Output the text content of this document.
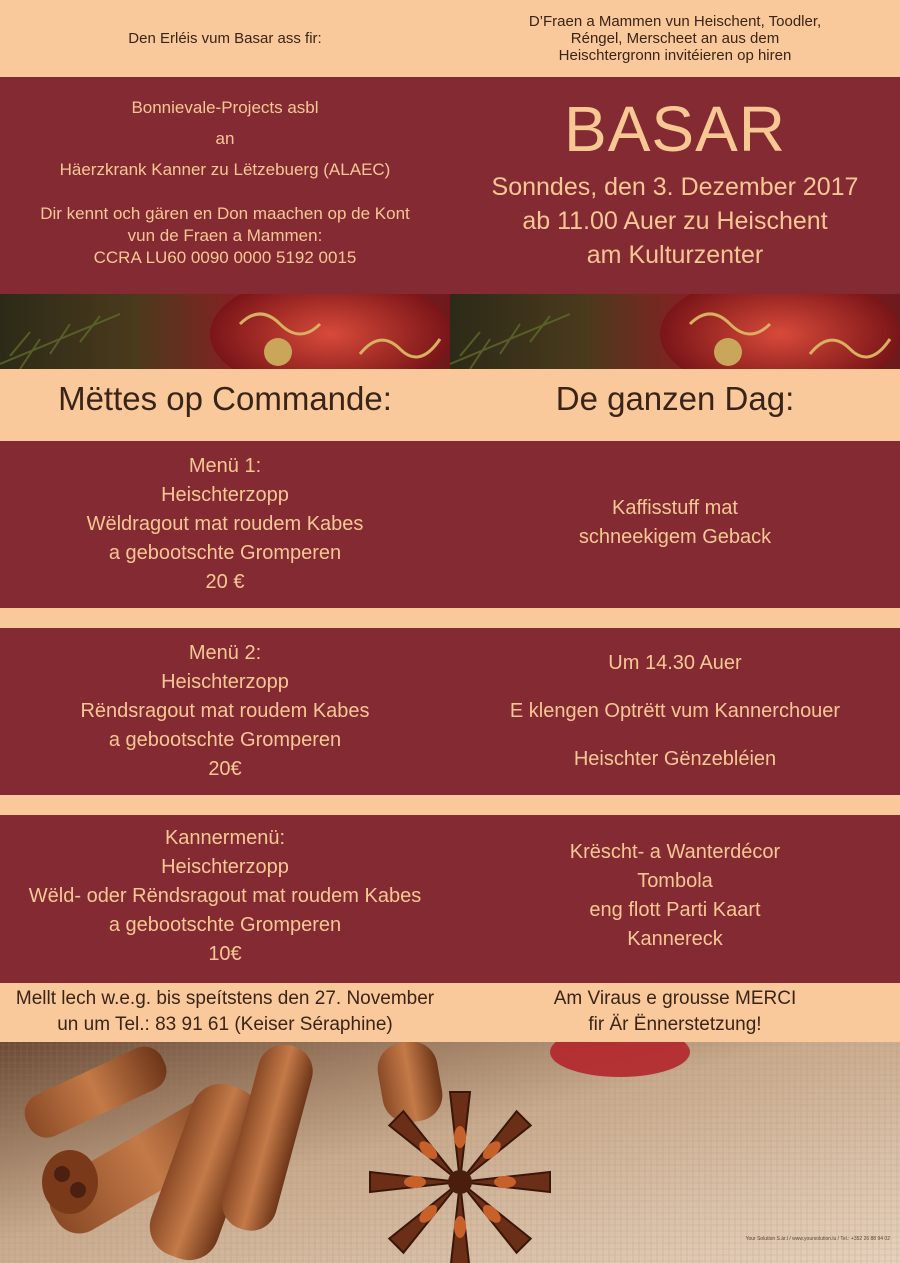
Den Erléis vum Basar ass fir:
D’Fraen a Mammen vun Heischent, Toodler,
Réngel, Merscheet an aus dem
Heischtergronn invitéieren op hiren

Bonnievale-Projects asbl

an

Häerzkrank Kanner zu Lëtzebuerg (ALAEC)

Dir kennt och gären en Don maachen op de Kont

vun de Fraen a Mammen:

CCRA LU60 0090 0000 5192 0015

BASAR
Sonndes, den 3. Dezember 2017
ab 11.00 Auer zu Heischent
am Kulturzenter
Mëttes op Commande:	De ganzen Dag:

Menü 1:

Heischterzopp

Wëldragout mat roudem Kabes

a gebootschte Gromperen

20 €

Kaffisstuff mat

schneekigem Geback

Menü 2:

Heischterzopp

Rëndsragout mat roudem Kabes

a gebootschte Gromperen

20€

Um 14.30 Auer

E klengen Optrëtt vum Kannerchouer

Heischter Gënzebléien

Kannermenü:

Heischterzopp

Wëld- oder Rëndsragout mat roudem Kabes

a gebootschte Gromperen

10€

Krëscht- a Wanterdécor

Tombola

eng flott Parti Kaart

Kannereck

Mellt lech w.e.g. bis speítstens den 27. November
un um Tel.: 83 91 61 (Keiser Séraphine)
Am Viraus e grousse MERCI
fir Är Ënnerstetzung!
Your Solution S.àr.l / www.yoursolution.lu / Tel.: +352 26 88 94 02
